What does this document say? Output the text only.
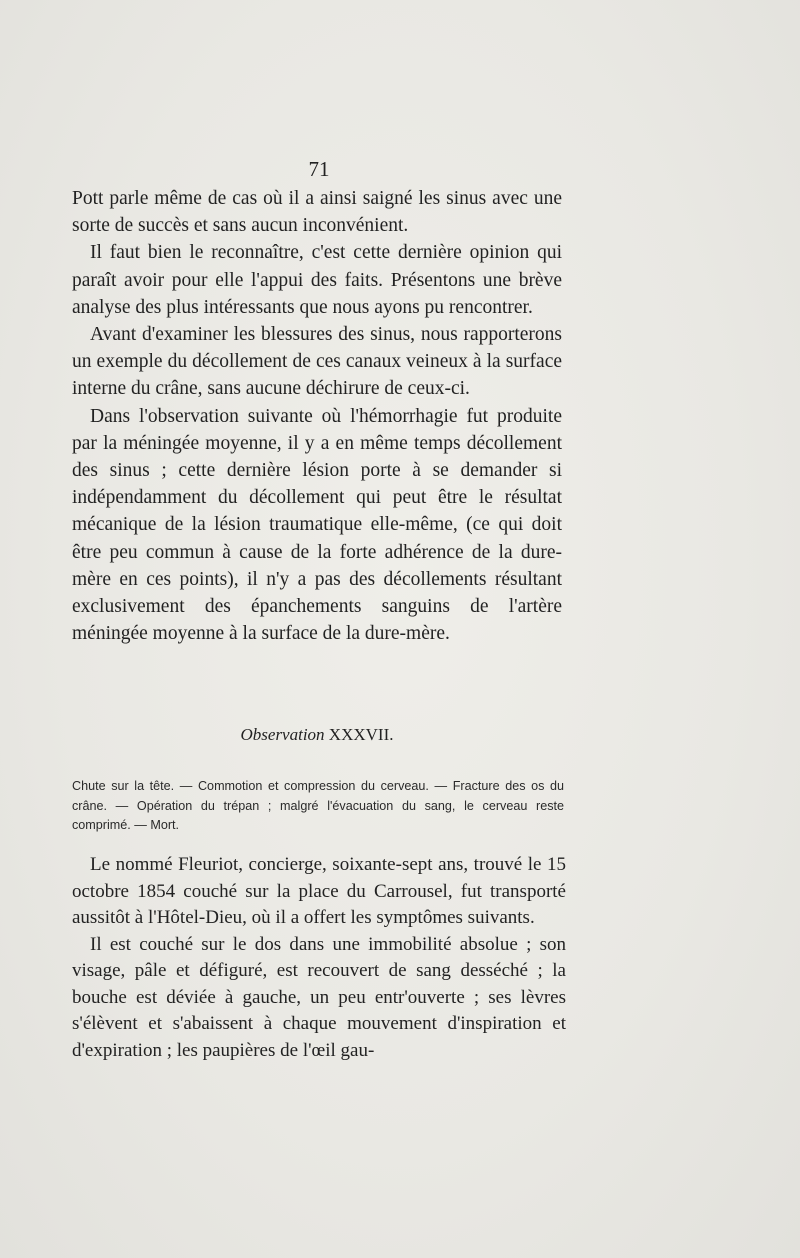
71

Pott parle même de cas où il a ainsi saigné les sinus avec une sorte de succès et sans aucun inconvénient.

Il faut bien le reconnaître, c'est cette dernière opinion qui paraît avoir pour elle l'appui des faits. Présentons une brève analyse des plus intéressants que nous ayons pu rencontrer.

Avant d'examiner les blessures des sinus, nous rapporterons un exemple du décollement de ces canaux veineux à la surface interne du crâne, sans aucune déchirure de ceux-ci.

Dans l'observation suivante où l'hémorrhagie fut produite par la méningée moyenne, il y a en même temps décollement des sinus ; cette dernière lésion porte à se demander si indépendamment du décollement qui peut être le résultat mécanique de la lésion traumatique elle-même, (ce qui doit être peu commun à cause de la forte adhérence de la dure-mère en ces points), il n'y a pas des décollements résultant exclusivement des épanchements sanguins de l'artère méningée moyenne à la surface de la dure-mère.

Observation XXXVII.
Chute sur la tête. — Commotion et compression du cerveau. — Fracture des os du crâne. — Opération du trépan ; malgré l'évacuation du sang, le cerveau reste comprimé. — Mort.

Le nommé Fleuriot, concierge, soixante-sept ans, trouvé le 15 octobre 1854 couché sur la place du Carrousel, fut transporté aussitôt à l'Hôtel-Dieu, où il a offert les symptômes suivants.

Il est couché sur le dos dans une immobilité absolue ; son visage, pâle et défiguré, est recouvert de sang desséché ; la bouche est déviée à gauche, un peu entr'ouverte ; ses lèvres s'élèvent et s'abaissent à chaque mouvement d'inspiration et d'expiration ; les paupières de l'œil gau-
